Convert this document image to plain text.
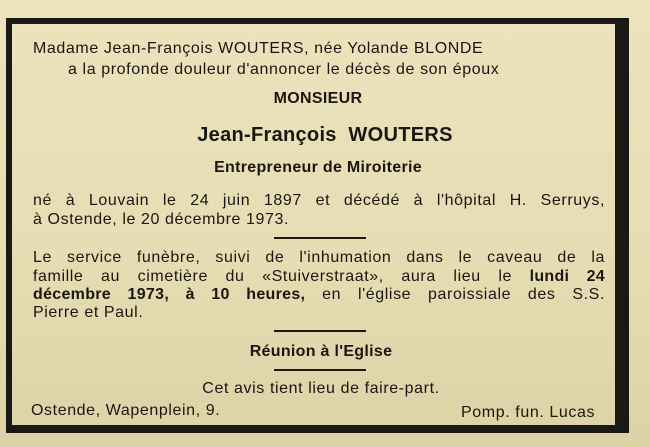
Madame Jean-François WOUTERS, née Yolande BLONDE
a la profonde douleur d'annoncer le décès de son époux
MONSIEUR
Jean-François  WOUTERS
Entrepreneur de Miroiterie
né à Louvain le 24 juin 1897 et décédé à l'hôpital H. Serruys,
à Ostende, le 20 décembre 1973.
Le service funèbre, suivi de l'inhumation dans le caveau de la
famille au cimetière du «Stuiverstraat», aura lieu le lundi 24
décembre 1973, à 10 heures, en l'église paroissiale des S.S.
Pierre et Paul.
Réunion à l'Eglise
Cet avis tient lieu de faire-part.
Ostende, Wapenplein, 9.	Pomp. fun. Lucas
